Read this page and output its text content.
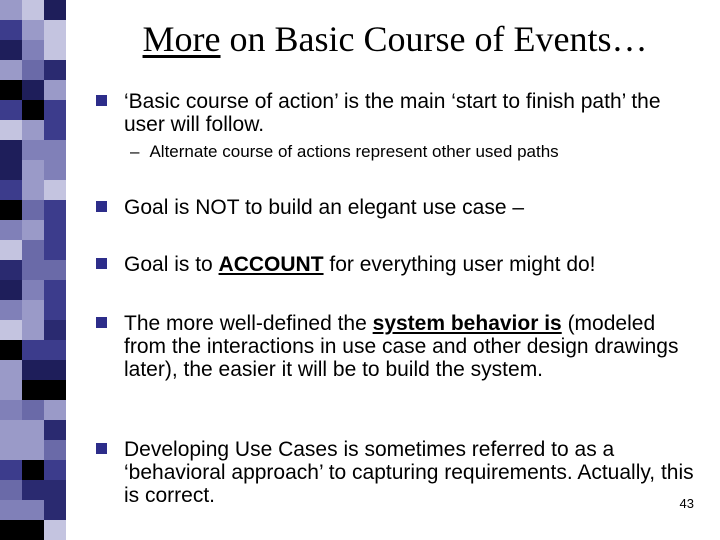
More on Basic Course of Events…
‘Basic course of action’ is the main ‘start to finish path’ the user will follow.
– Alternate course of actions represent other used paths
Goal is NOT to build an elegant use case –
Goal is to ACCOUNT for everything user might do!
The more well-defined the system behavior is (modeled from the interactions in use case and other design drawings later), the easier it will be to build the system.
Developing Use Cases is sometimes referred to as a ‘behavioral approach’ to capturing requirements. Actually, this is correct.	43
